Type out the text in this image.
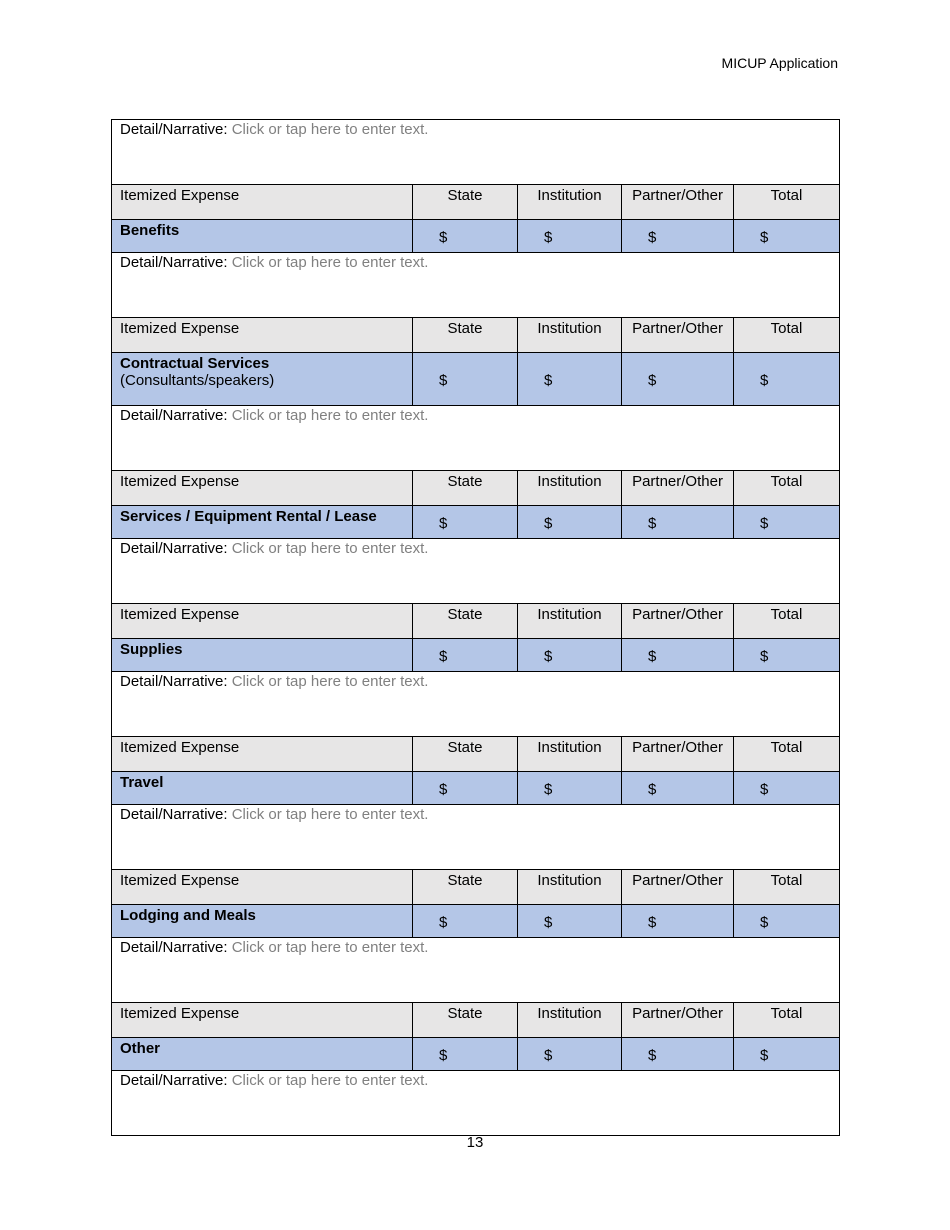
MICUP Application
Detail/Narrative: Click or tap here to enter text.				
Itemized Expense	State	Institution	Partner/Other	Total
Benefits	$	$	$	$
Detail/Narrative: Click or tap here to enter text.				
Itemized Expense	State	Institution	Partner/Other	Total
Contractual Services
(Consultants/speakers)	$	$	$	$
Detail/Narrative: Click or tap here to enter text.				
Itemized Expense	State	Institution	Partner/Other	Total
Services / Equipment Rental / Lease	$	$	$	$
Detail/Narrative: Click or tap here to enter text.				
Itemized Expense	State	Institution	Partner/Other	Total
Supplies	$	$	$	$
Detail/Narrative: Click or tap here to enter text.				
Itemized Expense	State	Institution	Partner/Other	Total
Travel	$	$	$	$
Detail/Narrative: Click or tap here to enter text.				
Itemized Expense	State	Institution	Partner/Other	Total
Lodging and Meals	$	$	$	$
Detail/Narrative: Click or tap here to enter text.				
Itemized Expense	State	Institution	Partner/Other	Total
Other	$	$	$	$
Detail/Narrative: Click or tap here to enter text.				
13
